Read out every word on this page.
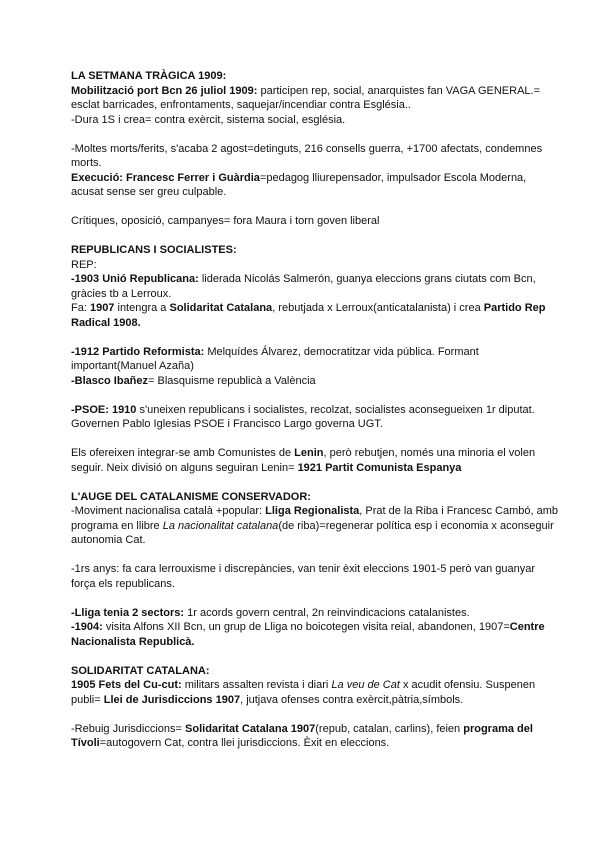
LA SETMANA TRÀGICA 1909:

Mobilització port Bcn 26 juliol 1909: participen rep, social, anarquistes fan VAGA GENERAL.= esclat barricades, enfrontaments, saquejar/incendiar contra Església..

-Dura 1S i crea= contra exèrcit, sistema social, església.

-Moltes morts/ferits, s'acaba 2 agost=detinguts, 216 consells guerra, +1700 afectats, condemnes morts.

Execució: Francesc Ferrer i Guàrdia=pedagog lliurepensador, impulsador Escola Moderna, acusat sense ser greu culpable.

Crítiques, oposició, campanyes= fora Maura i torn goven liberal

REPUBLICANS I SOCIALISTES:

REP:

-1903 Unió Republicana: liderada Nicolás Salmerón, guanya eleccions grans ciutats com Bcn, gràcies tb a Lerroux.

Fa: 1907 intengra a Solidaritat Catalana, rebutjada x Lerroux(anticatalanista) i crea Partido Rep Radical 1908.

-1912 Partido Reformista: Melquídes Álvarez, democratitzar vida pública. Formant important(Manuel Azaña)

-Blasco Ibañez= Blasquisme republicà a València

-PSOE: 1910 s'uneixen republicans i socialistes, recolzat, socialistes aconsegueixen 1r diputat. Governen Pablo Iglesias PSOE i Francisco Largo governa UGT.

Els ofereixen integrar-se amb Comunistes de Lenin, però rebutjen, només una minoria el volen seguir. Neix divisió on alguns seguiran Lenin= 1921 Partit Comunista Espanya

L'AUGE DEL CATALANISME CONSERVADOR:

-Moviment nacionalisa català +popular: Lliga Regionalista, Prat de la Riba i Francesc Cambó, amb programa en llibre La nacionalitat catalana(de riba)=regenerar política esp i economia x aconseguir autonomia Cat.

-1rs anys: fa cara lerrouxisme i discrepàncies, van tenir èxit eleccions 1901-5 però van guanyar força els republicans.

-Lliga tenia 2 sectors: 1r acords govern central, 2n reinvindicacions catalanistes.

-1904: visita Alfons XII Bcn, un grup de Lliga no boicotegen visita reial, abandonen, 1907=Centre Nacionalista Republicà.

SOLIDARITAT CATALANA:

1905 Fets del Cu-cut: militars assalten revista i diari La veu de Cat x acudit ofensiu. Suspenen publi= Llei de Jurisdiccions 1907, jutjava ofenses contra exèrcit,pàtria,símbols.

-Rebuig Jurisdiccions= Solidaritat Catalana 1907(repub, catalan, carlins), feien programa del Tívoli=autogovern Cat, contra llei jurisdiccions. Èxit en eleccions.
